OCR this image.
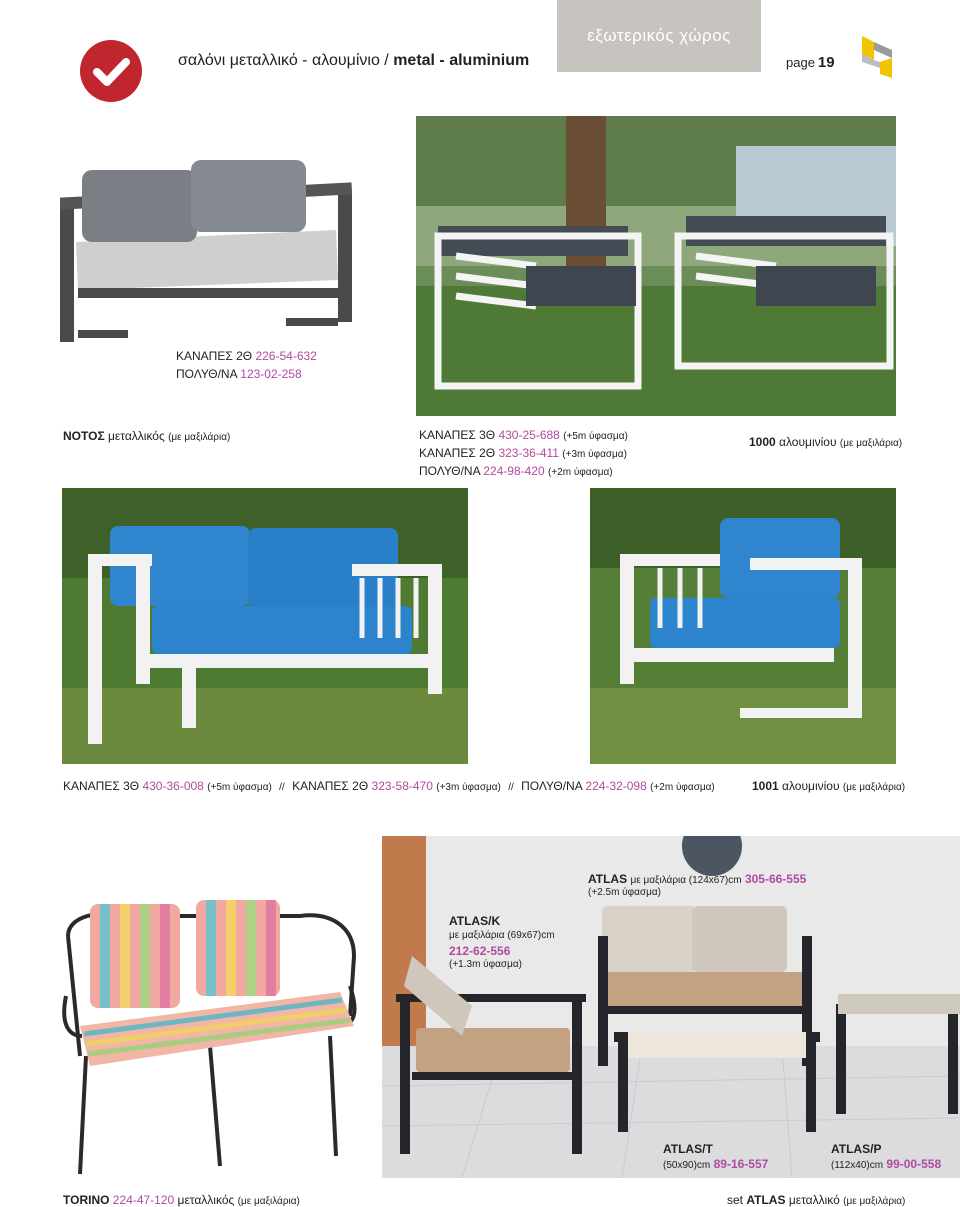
σαλόνι μεταλλικό - αλουμίνιο / metal - aluminium
εξωτερικός χώρος
page 19
ΚΑΝΑΠΕΣ 2Θ 226-54-632
ΠΟΛΥΘ/ΝΑ 123-02-258
ΝΟΤΟΣ μεταλλικός (με μαξιλάρια)	ΚΑΝΑΠΕΣ 3Θ 430-25-688 (+5m ύφασμα)
ΚΑΝΑΠΕΣ 2Θ 323-36-411 (+3m ύφασμα)
ΠΟΛΥΘ/ΝΑ 224-98-420 (+2m ύφασμα)
1000 αλουμινίου (με μαξιλάρια)
ΚΑΝΑΠΕΣ 3Θ 430-36-008 (+5m ύφασμα) // ΚΑΝΑΠΕΣ 2Θ 323-58-470 (+3m ύφασμα) // ΠΟΛΥΘ/ΝΑ 224-32-098 (+2m ύφασμα)	1001 αλουμινίου (με μαξιλάρια)
ATLAS με μαξιλάρια (124x67)cm 305-66-555
(+2.5m ύφασμα)
ATLAS/K
με μαξιλάρια (69x67)cm
212-62-556
(+1.3m ύφασμα)
ATLAS/T
(50x90)cm 89-16-557
ATLAS/P
(112x40)cm 99-00-558
TORINO 224-47-120 μεταλλικός (με μαξιλάρια)	set ATLAS μεταλλικό (με μαξιλάρια)
